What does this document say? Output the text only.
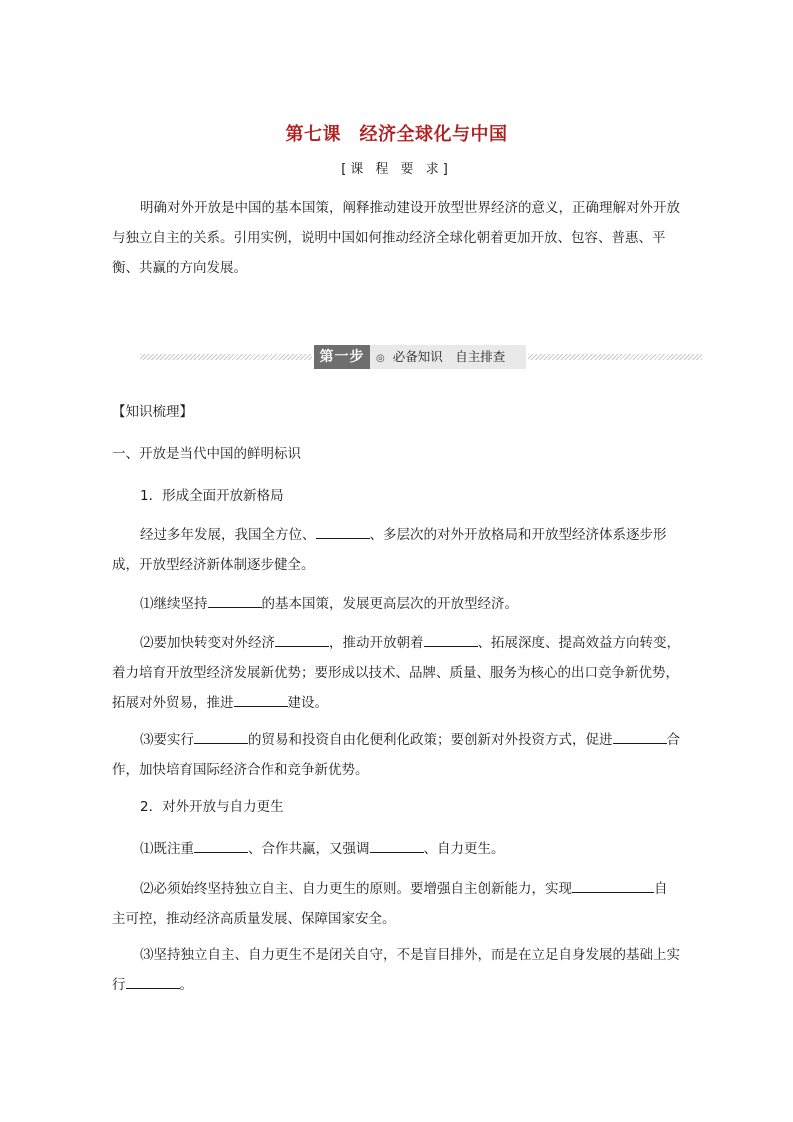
第七课　经济全球化与中国
[课 程 要 求]
明确对外开放是中国的基本国策，阐释推动建设开放型世界经济的意义，正确理解对外开放与独立自主的关系。引用实例，说明中国如何推动经济全球化朝着更加开放、包容、普惠、平衡、共赢的方向发展。
第一步	◎ 必备知识　自主排查
【知识梳理】
一、开放是当代中国的鲜明标识
1．形成全面开放新格局
经过多年发展，我国全方位、	、多层次的对外开放格局和开放型经济体系逐步形成，开放型经济新体制逐步健全。
⑴继续坚持	的基本国策，发展更高层次的开放型经济。
⑵要加快转变对外经济	，推动开放朝着	、拓展深度、提高效益方向转变，着力培育开放型经济发展新优势；要形成以技术、品牌、质量、服务为核心的出口竞争新优势，拓展对外贸易，推进	建设。
⑶要实行	的贸易和投资自由化便利化政策；要创新对外投资方式，促进	合作，加快培育国际经济合作和竞争新优势。
2．对外开放与自力更生
⑴既注重	、合作共赢，又强调	、自力更生。
⑵必须始终坚持独立自主、自力更生的原则。要增强自主创新能力，实现	自主可控，推动经济高质量发展、保障国家安全。
⑶坚持独立自主、自力更生不是闭关自守，不是盲目排外，而是在立足自身发展的基础上实行	。
